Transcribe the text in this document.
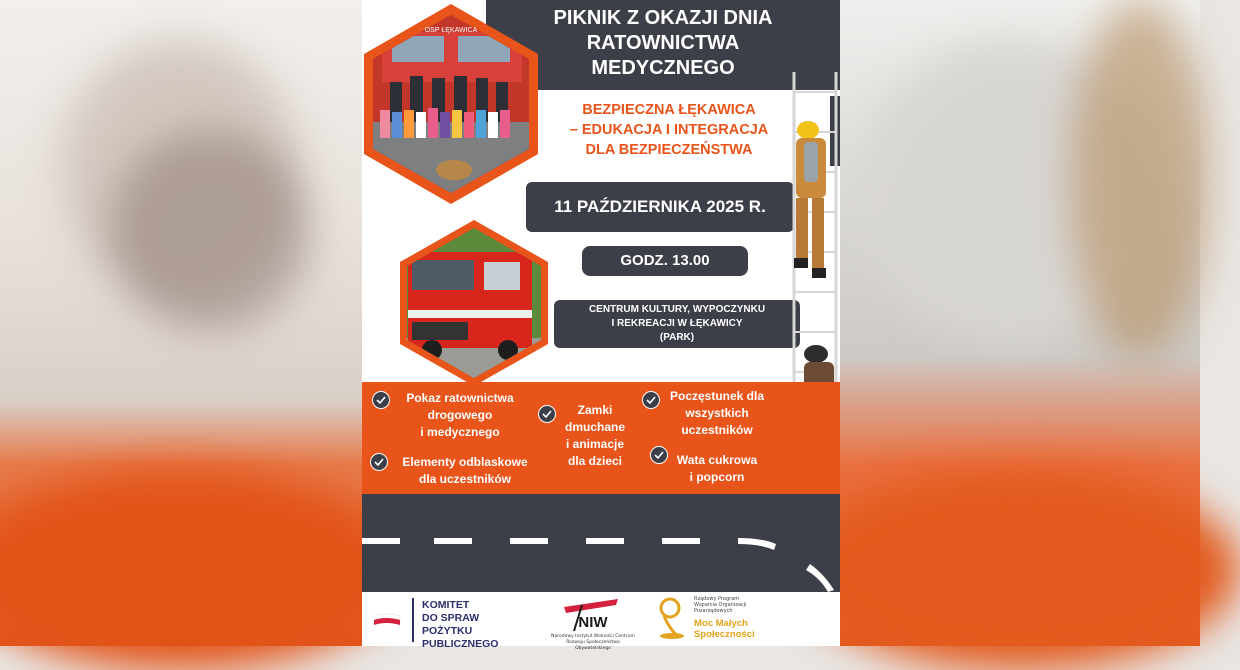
PIKNIK Z OKAZJI DNIA
RATOWNICTWA
MEDYCZNEGO
OSP ŁĘKAWICA
BEZPIECZNA ŁĘKAWICA
– EDUKACJA I INTEGRACJA
DLA BEZPIECZEŃSTWA
11 PAŹDZIERNIKA 2025 R.
GODZ. 13.00
CENTRUM KULTURY, WYPOCZYNKU
I REKREACJI W ŁĘKAWICY
(PARK)
Pokaz ratownictwa
drogowego
i medycznego
Elementy odblaskowe
dla uczestników
Zamki
dmuchane
i animacje
dla dzieci
Poczęstunek dla
wszystkich
uczestników
Wata cukrowa
i popcorn
KOMITET
DO SPRAW
POŻYTKU
PUBLICZNEGO
NIW
Narodowy Instytut Wolności Centrum Rozwoju Społeczeństwa Obywatelskiego
Rządowy Program
Wsparcia Organizacji
Pozarządowych
Moc Małych
Społeczności
